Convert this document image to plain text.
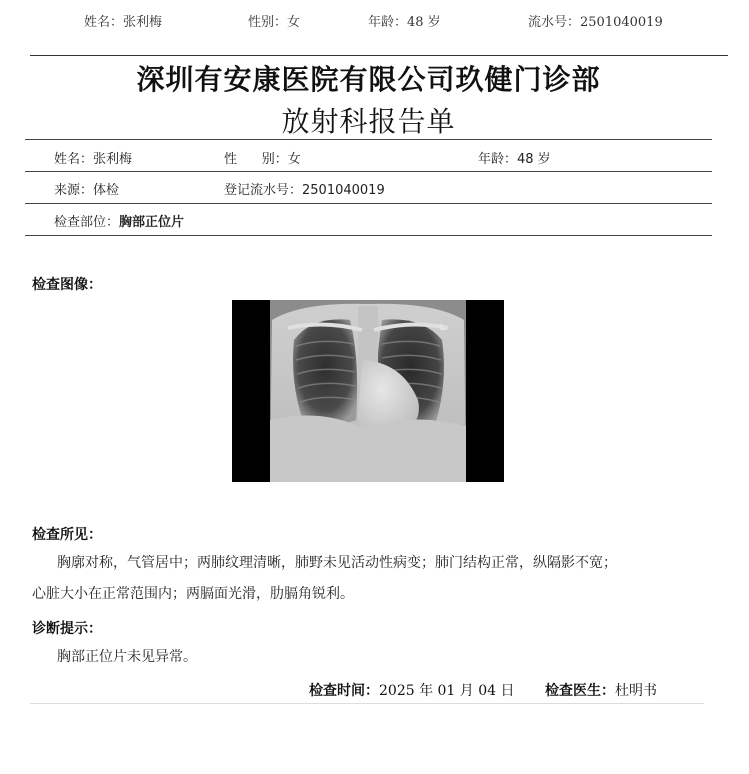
姓名：张利梅	性别：女	年龄：48 岁	流水号：2501040019
深圳有安康医院有限公司玖健门诊部
放射科报告单
姓名：张利梅	性      别：女	年龄：48 岁
来源：体检	登记流水号：2501040019
检查部位：胸部正位片
检查图像：
L
检查所见：
胸廓对称，气管居中；两肺纹理清晰，肺野未见活动性病变；肺门结构正常，纵隔影不宽；
心脏大小在正常范围内；两膈面光滑，肋膈角锐利。
诊断提示：
胸部正位片未见异常。
检查时间：2025 年 01 月 04 日 检查医生：杜明书
